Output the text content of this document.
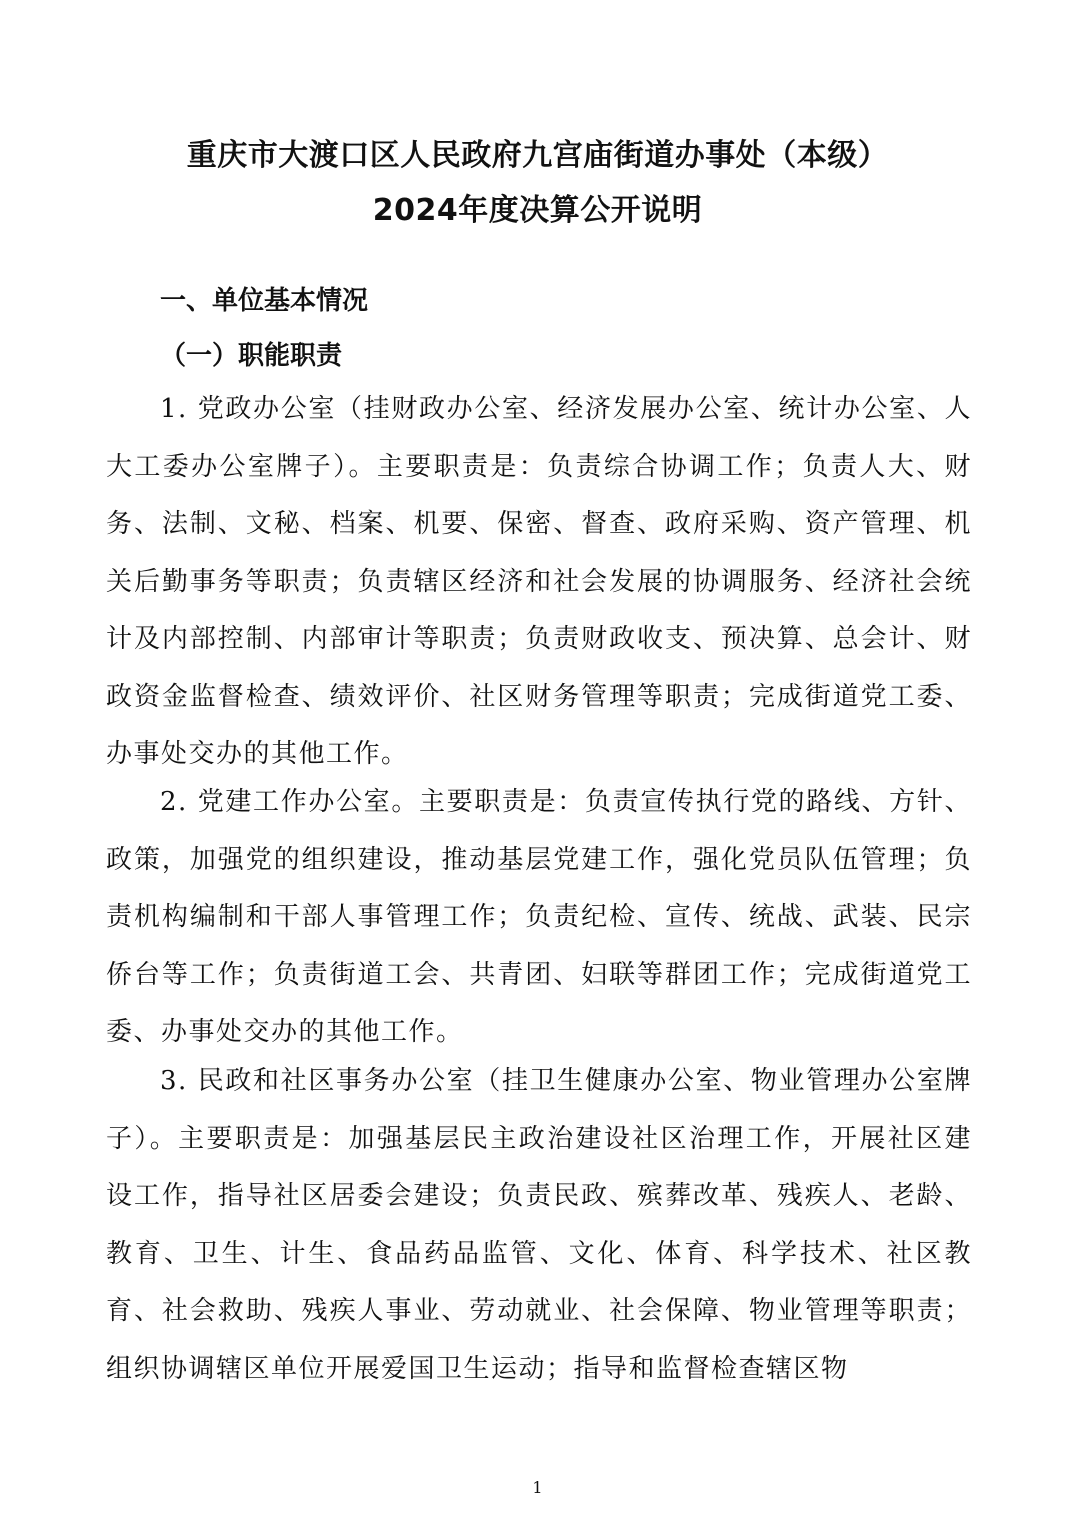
重庆市大渡口区人民政府九宫庙街道办事处（本级）
2024年度决算公开说明
一、单位基本情况
（一）职能职责

1. 党政办公室（挂财政办公室、经济发展办公室、统计办公室、人大工委办公室牌子）。主要职责是：负责综合协调工作；负责人大、财务、法制、文秘、档案、机要、保密、督查、政府采购、资产管理、机关后勤事务等职责；负责辖区经济和社会发展的协调服务、经济社会统计及内部控制、内部审计等职责；负责财政收支、预决算、总会计、财政资金监督检查、绩效评价、社区财务管理等职责；完成街道党工委、办事处交办的其他工作。

2. 党建工作办公室。主要职责是：负责宣传执行党的路线、方针、政策，加强党的组织建设，推动基层党建工作，强化党员队伍管理；负责机构编制和干部人事管理工作；负责纪检、宣传、统战、武装、民宗侨台等工作；负责街道工会、共青团、妇联等群团工作；完成街道党工委、办事处交办的其他工作。

3. 民政和社区事务办公室（挂卫生健康办公室、物业管理办公室牌子）。主要职责是：加强基层民主政治建设社区治理工作，开展社区建设工作，指导社区居委会建设；负责民政、殡葬改革、残疾人、老龄、教育、卫生、计生、食品药品监管、文化、体育、科学技术、社区教育、社会救助、残疾人事业、劳动就业、社会保障、物业管理等职责；组织协调辖区单位开展爱国卫生运动；指导和监督检查辖区物

1
